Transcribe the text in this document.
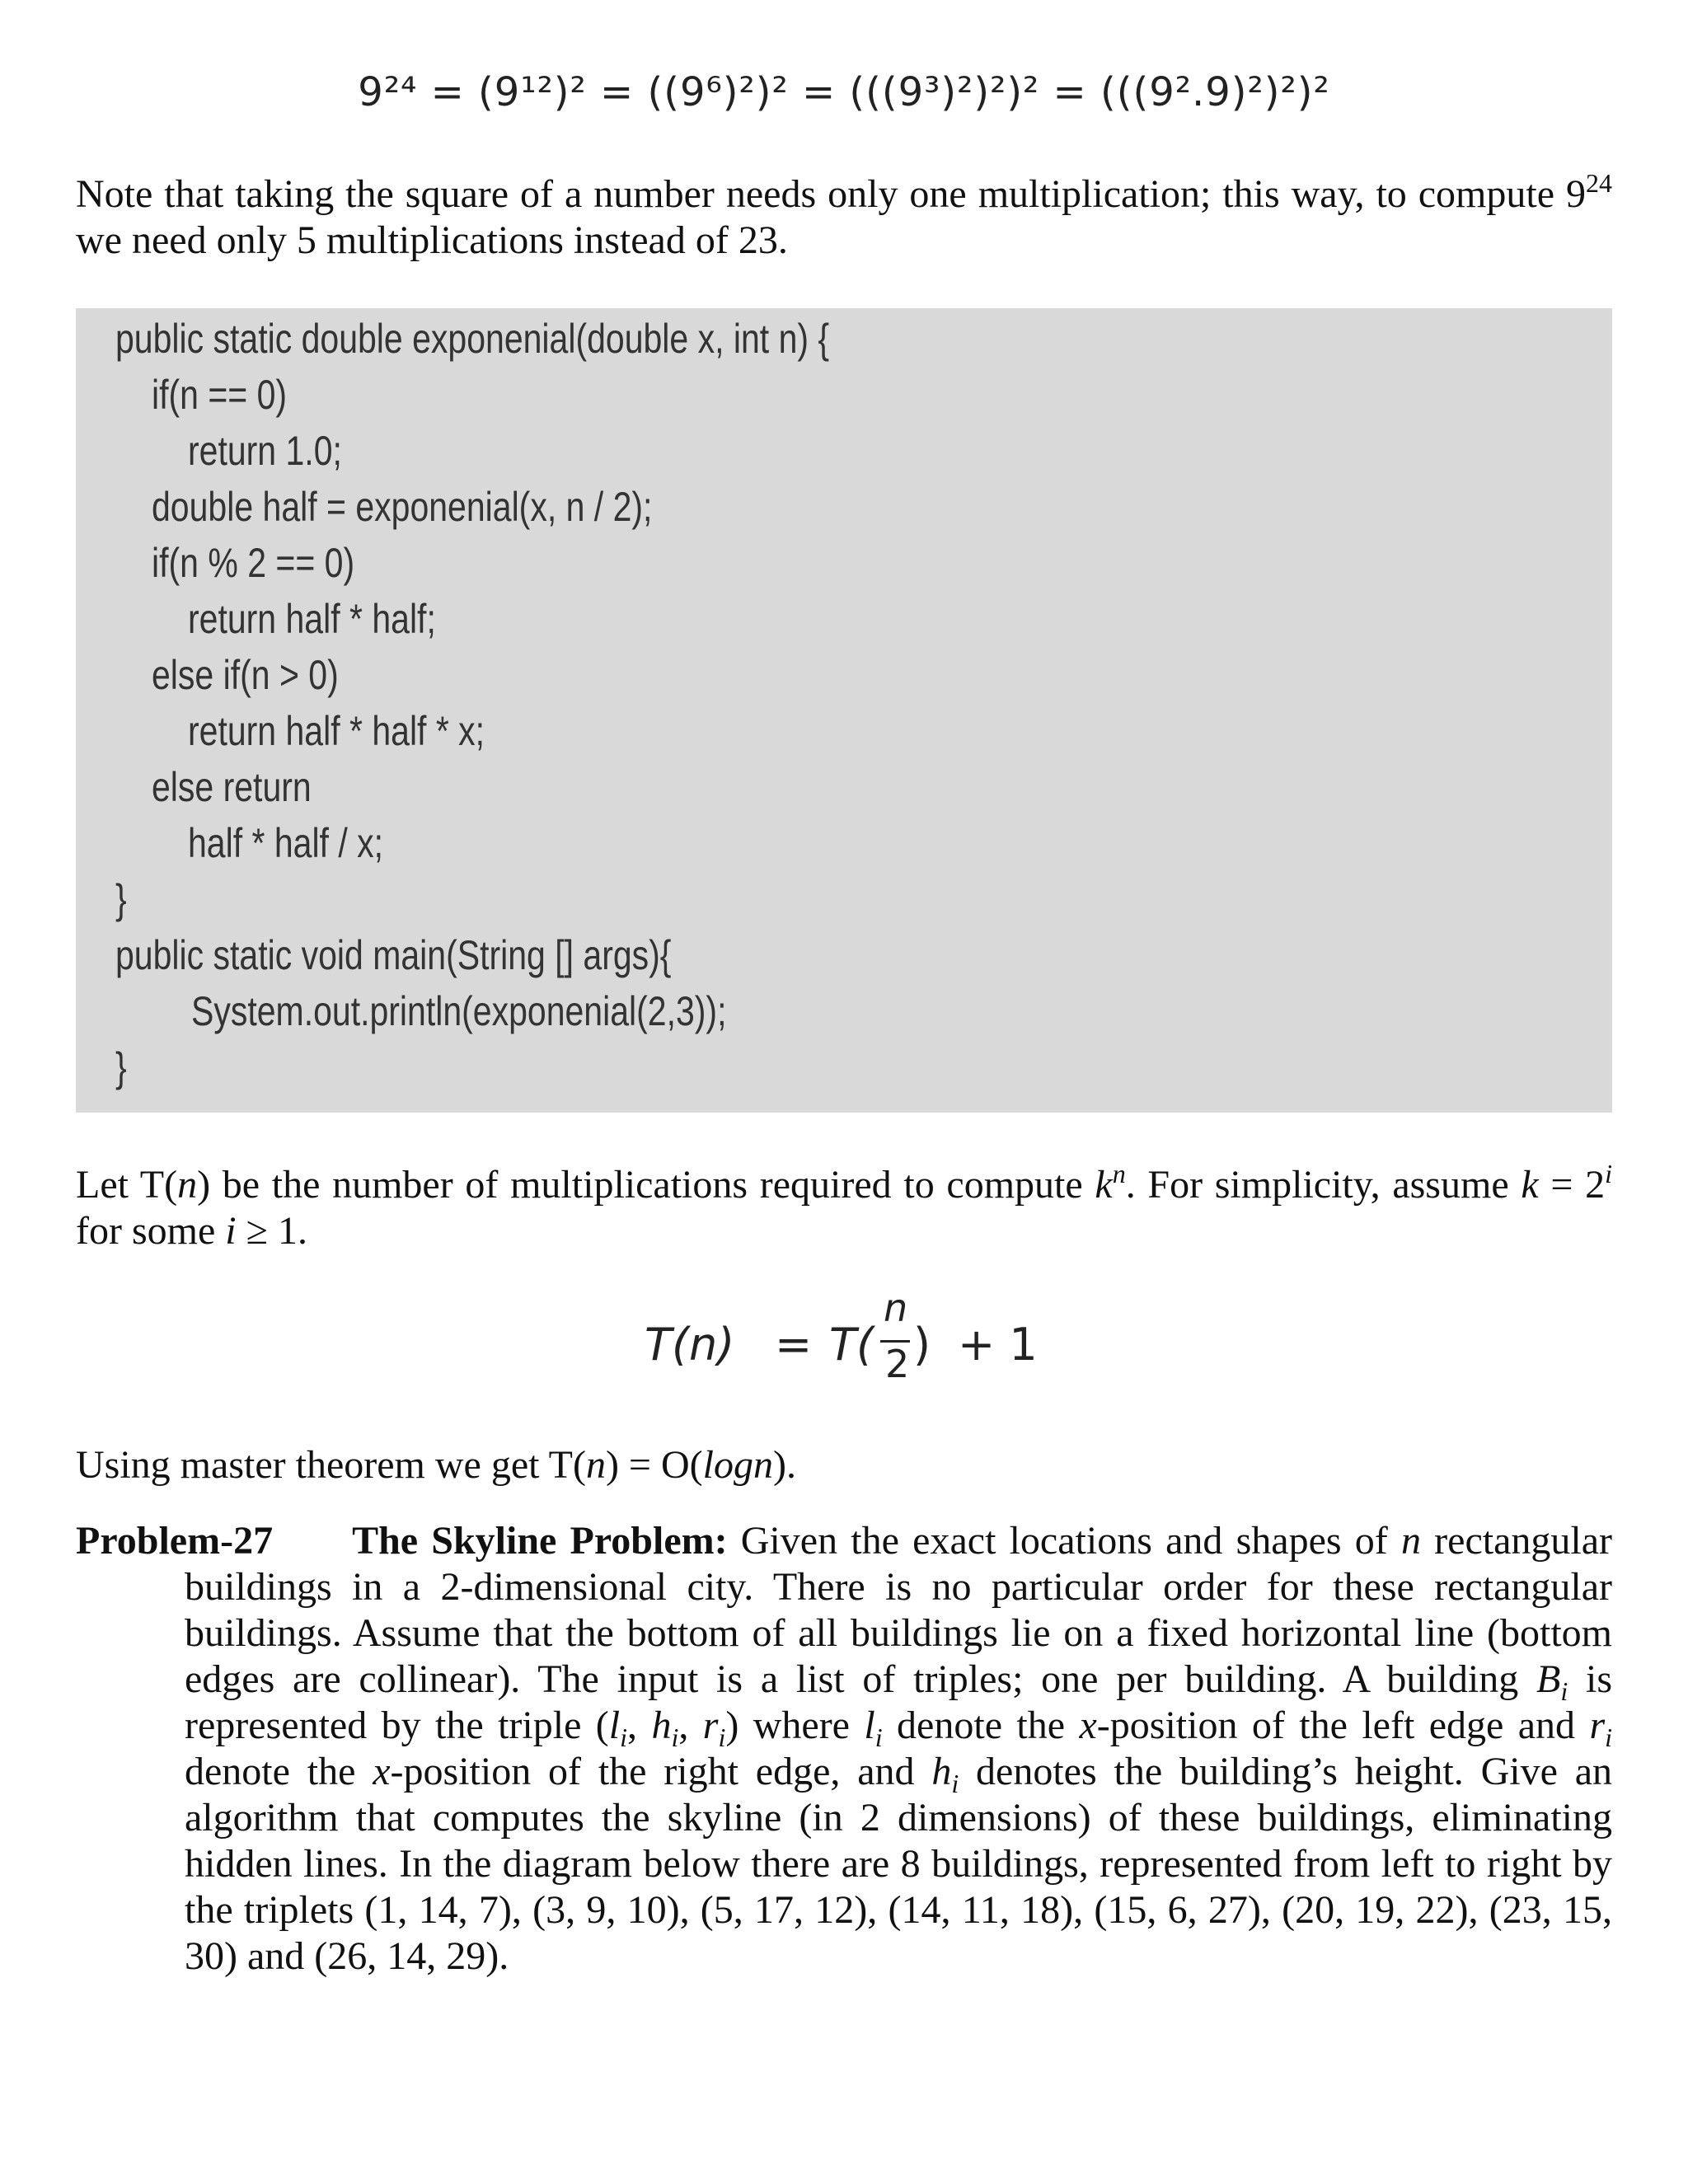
9²⁴ = (9¹²)² = ((9⁶)²)² = (((9³)²)²)² = (((9².9)²)²)²
Note that taking the square of a number needs only one multiplication; this way, to compute $9^{24}$ we need only 5 multiplications instead of 23.
public static double exponenial(double x, int n) {
if(n == 0)
return 1.0;
double half = exponenial(x, n / 2);
if(n % 2 == 0)
return half * half;
else if(n > 0)
return half * half * x;
else return
half * half / x;
}
public static void main(String [] args){
System.out.println(exponenial(2,3));
}
Let T(n) be the number of multiplications required to compute $k^n$. For simplicity, assume $k = 2^i$ for some i ≥ 1.
T(n) = T(
n
2 ) + 1
Using master theorem we get T(n) = O(logn).
Problem-27 The Skyline Problem: Given the exact locations and shapes of n rectangular buildings in a 2-dimensional city. There is no particular order for these rectangular buildings. Assume that the bottom of all buildings lie on a fixed horizontal line (bottom edges are collinear). The input is a list of triples; one per building. A building $B_i$ is represented by the triple ($l_i$, $h_i$, $r_i$) where $l_i$ denote the x-position of the left edge and $r_i$ denote the x-position of the right edge, and $h_i$ denotes the building’s height. Give an algorithm that computes the skyline (in 2 dimensions) of these buildings, eliminating hidden lines. In the diagram below there are 8 buildings, represented from left to right by the triplets (1, 14, 7), (3, 9, 10), (5, 17, 12), (14, 11, 18), (15, 6, 27), (20, 19, 22), (23, 15, 30) and (26, 14, 29).
